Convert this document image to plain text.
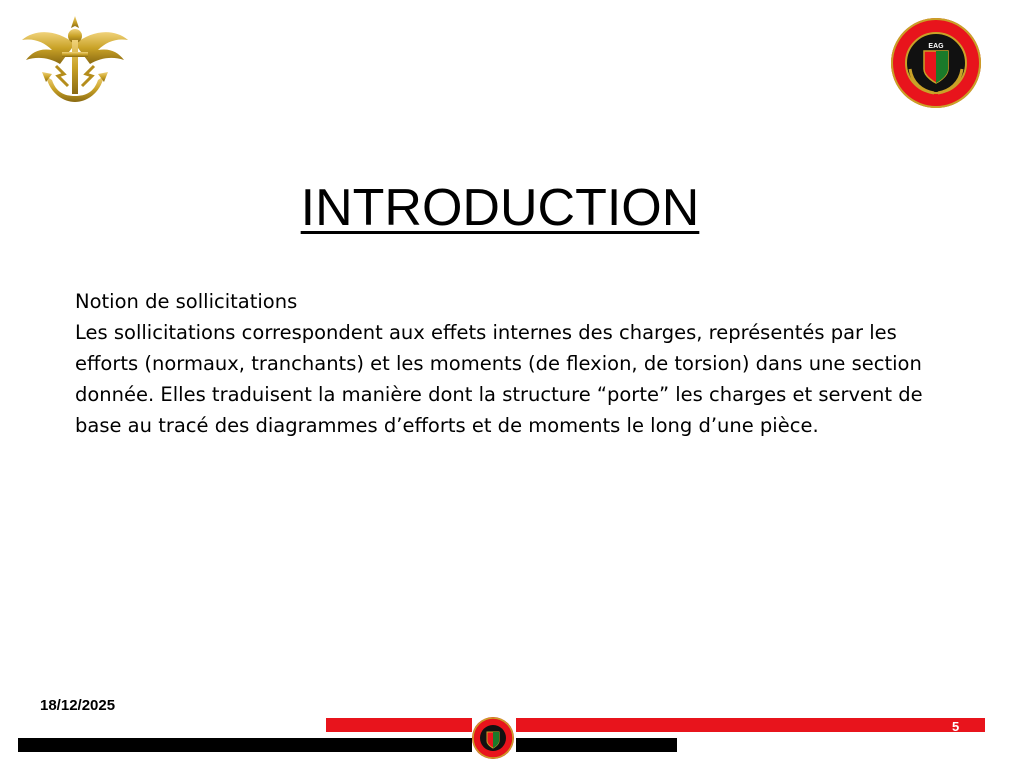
EAG
INTRODUCTION

Notion de sollicitations

Les sollicitations correspondent aux effets internes des charges, représentés par les efforts (normaux, tranchants) et les moments (de flexion, de torsion) dans une section donnée. Elles traduisent la manière dont la structure “porte” les charges et servent de base au tracé des diagrammes d’efforts et de moments le long d’une pièce.

18/12/2025
5
